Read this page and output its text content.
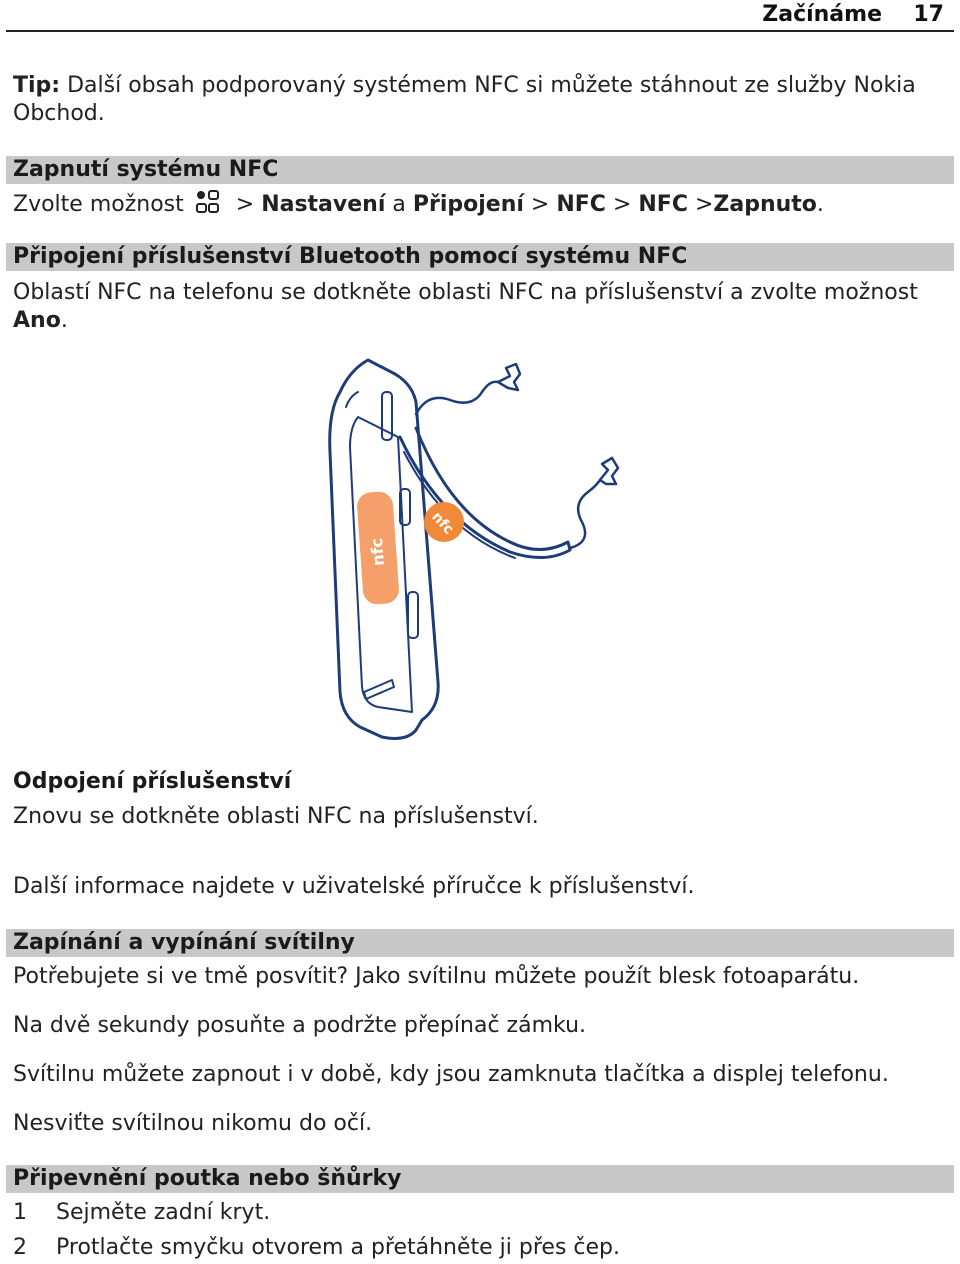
Začínáme 17
Tip: Další obsah podporovaný systémem NFC si můžete stáhnout ze služby Nokia
Obchod.
Zapnutí systému NFC
Zvolte možnost > Nastavení a Připojení > NFC > NFC >Zapnuto.
Připojení příslušenství Bluetooth pomocí systému NFC
Oblastí NFC na telefonu se dotkněte oblasti NFC na příslušenství a zvolte možnost
Ano.
nfc
nfc
Odpojení příslušenství
Znovu se dotkněte oblasti NFC na příslušenství.
Další informace najdete v uživatelské příručce k příslušenství.
Zapínání a vypínání svítilny
Potřebujete si ve tmě posvítit? Jako svítilnu můžete použít blesk fotoaparátu.
Na dvě sekundy posuňte a podržte přepínač zámku.
Svítilnu můžete zapnout i v době, kdy jsou zamknuta tlačítka a displej telefonu.
Nesviťte svítilnou nikomu do očí.
Připevnění poutka nebo šňůrky
1 Sejměte zadní kryt.
2 Protlačte smyčku otvorem a přetáhněte ji přes čep.
